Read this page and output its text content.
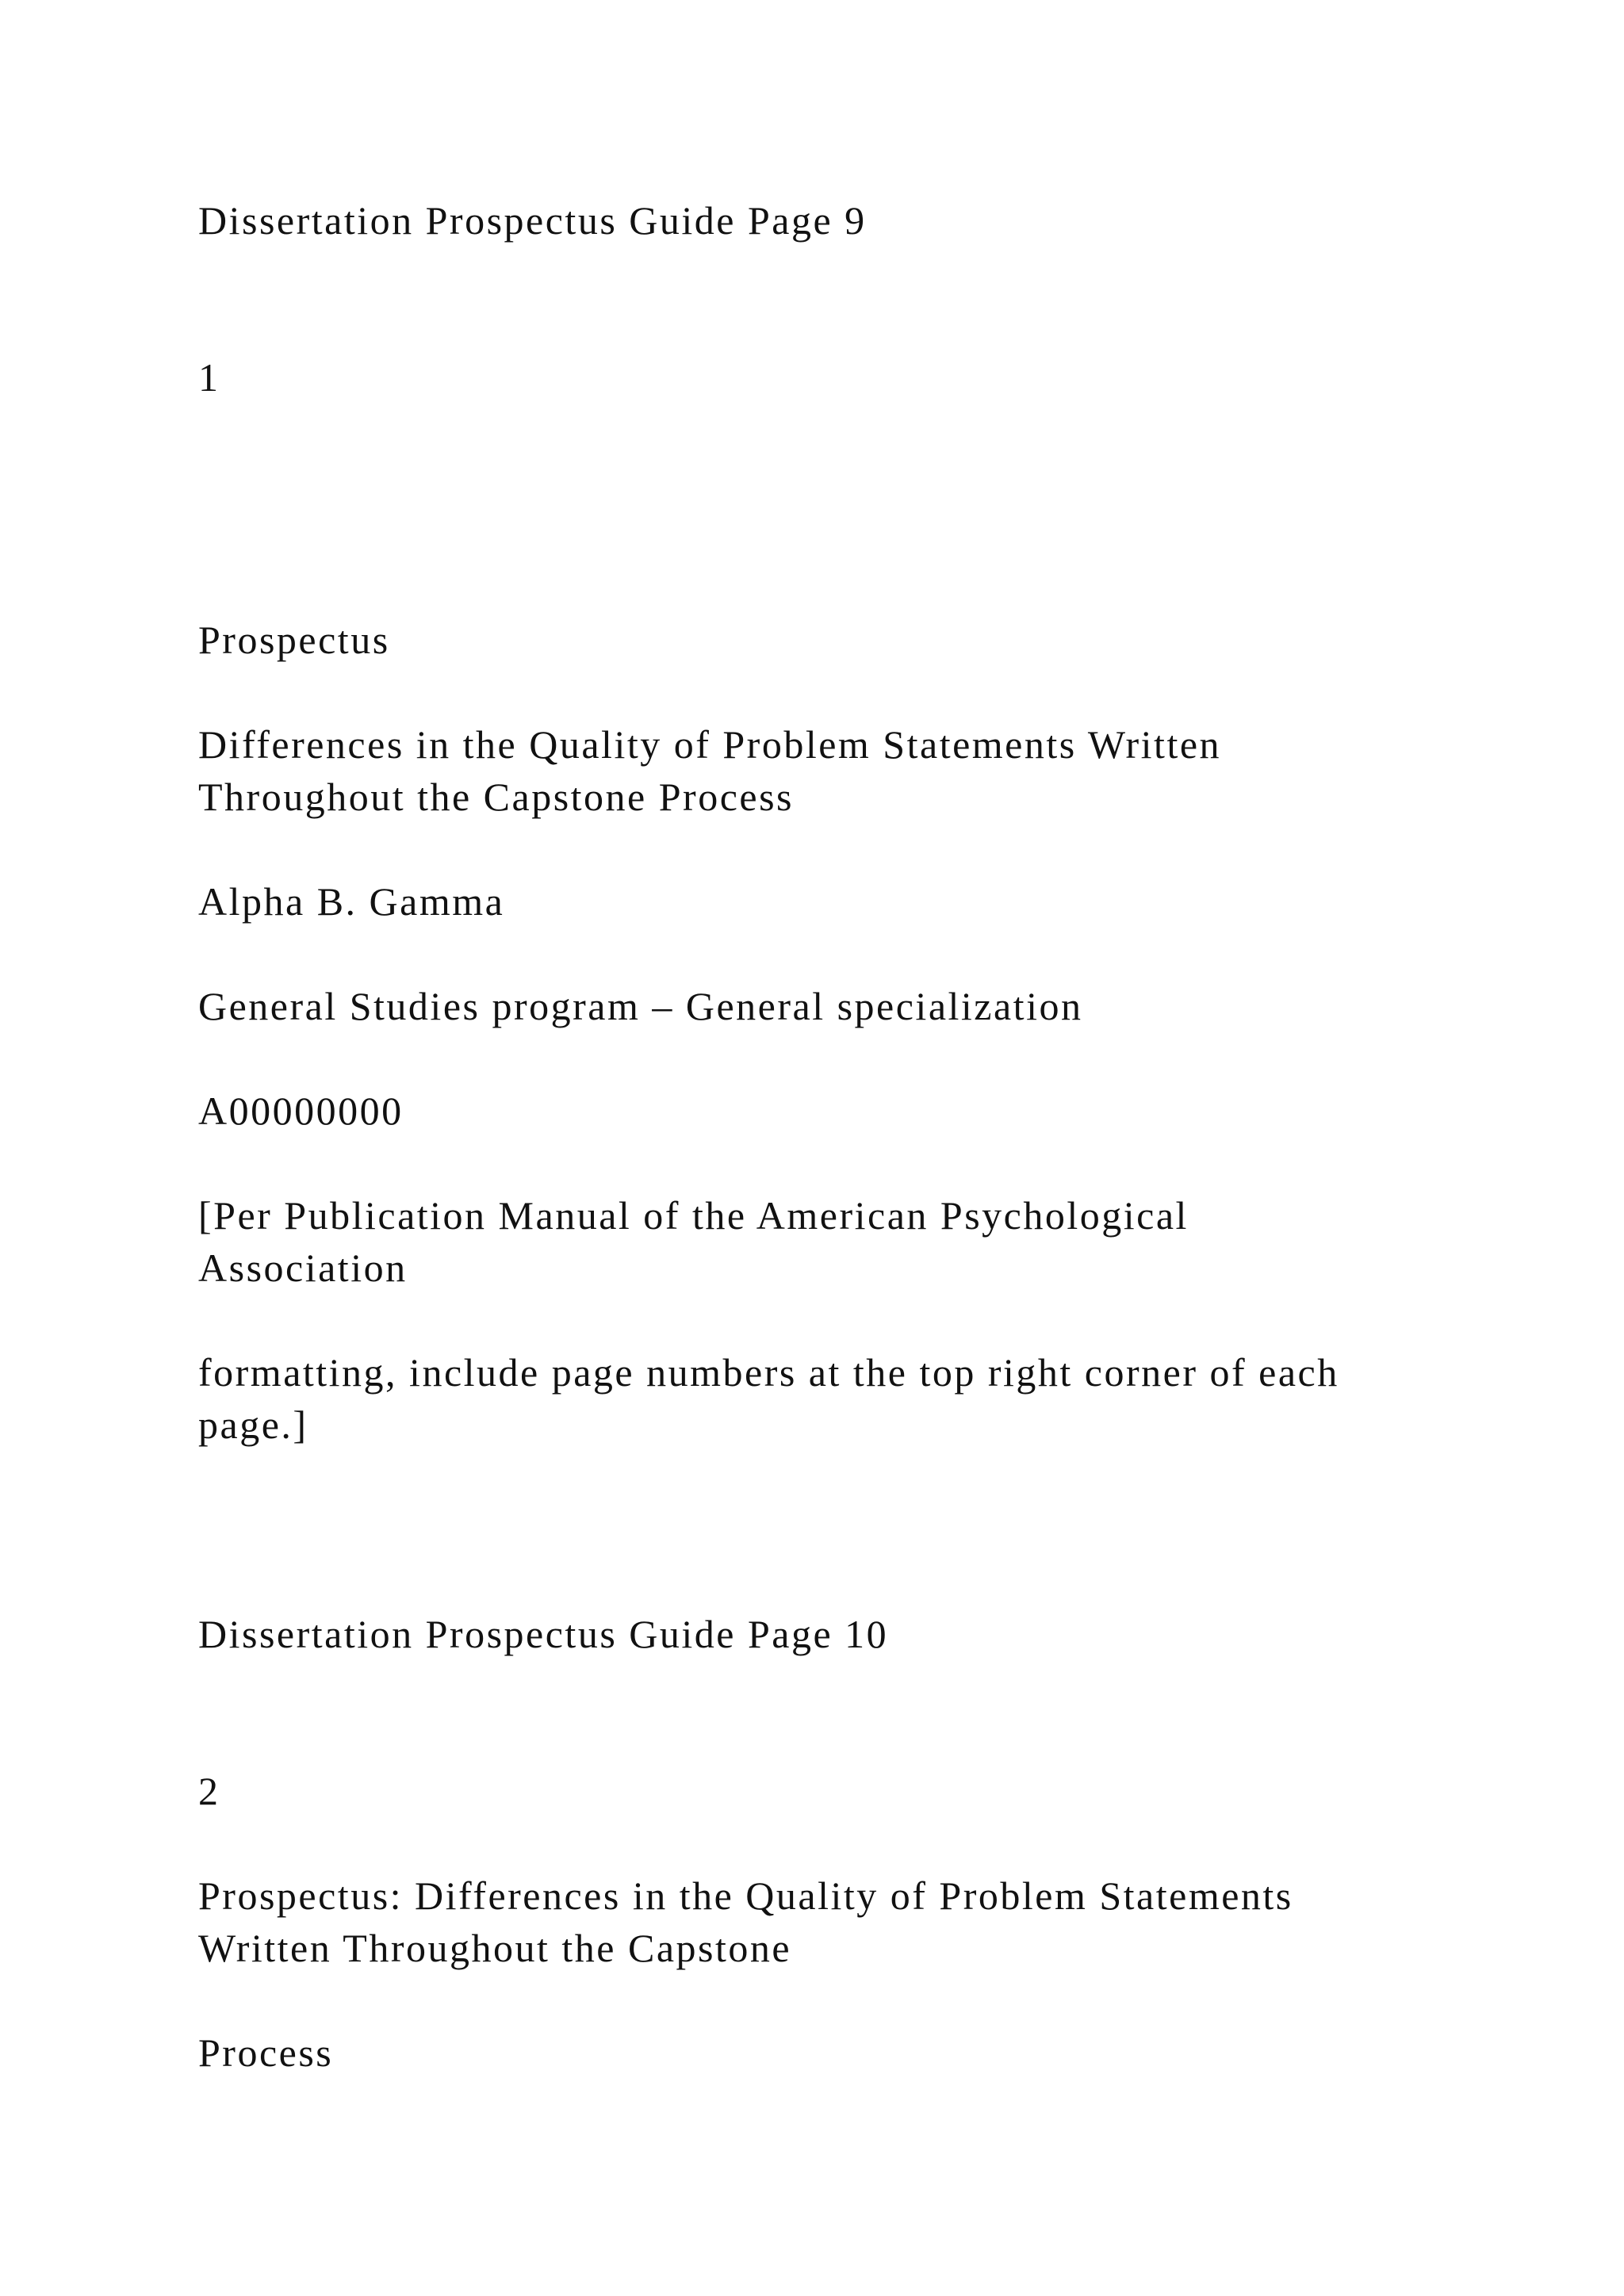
Dissertation Prospectus Guide Page 9

1

Prospectus

Differences in the Quality of Problem Statements Written

Throughout the Capstone Process

Alpha B. Gamma

General Studies program – General specialization

A00000000

[Per Publication Manual of the American Psychological

Association

formatting, include page numbers at the top right corner of each

page.]

Dissertation Prospectus Guide Page 10

2

Prospectus: Differences in the Quality of Problem Statements

Written Throughout the Capstone

Process
